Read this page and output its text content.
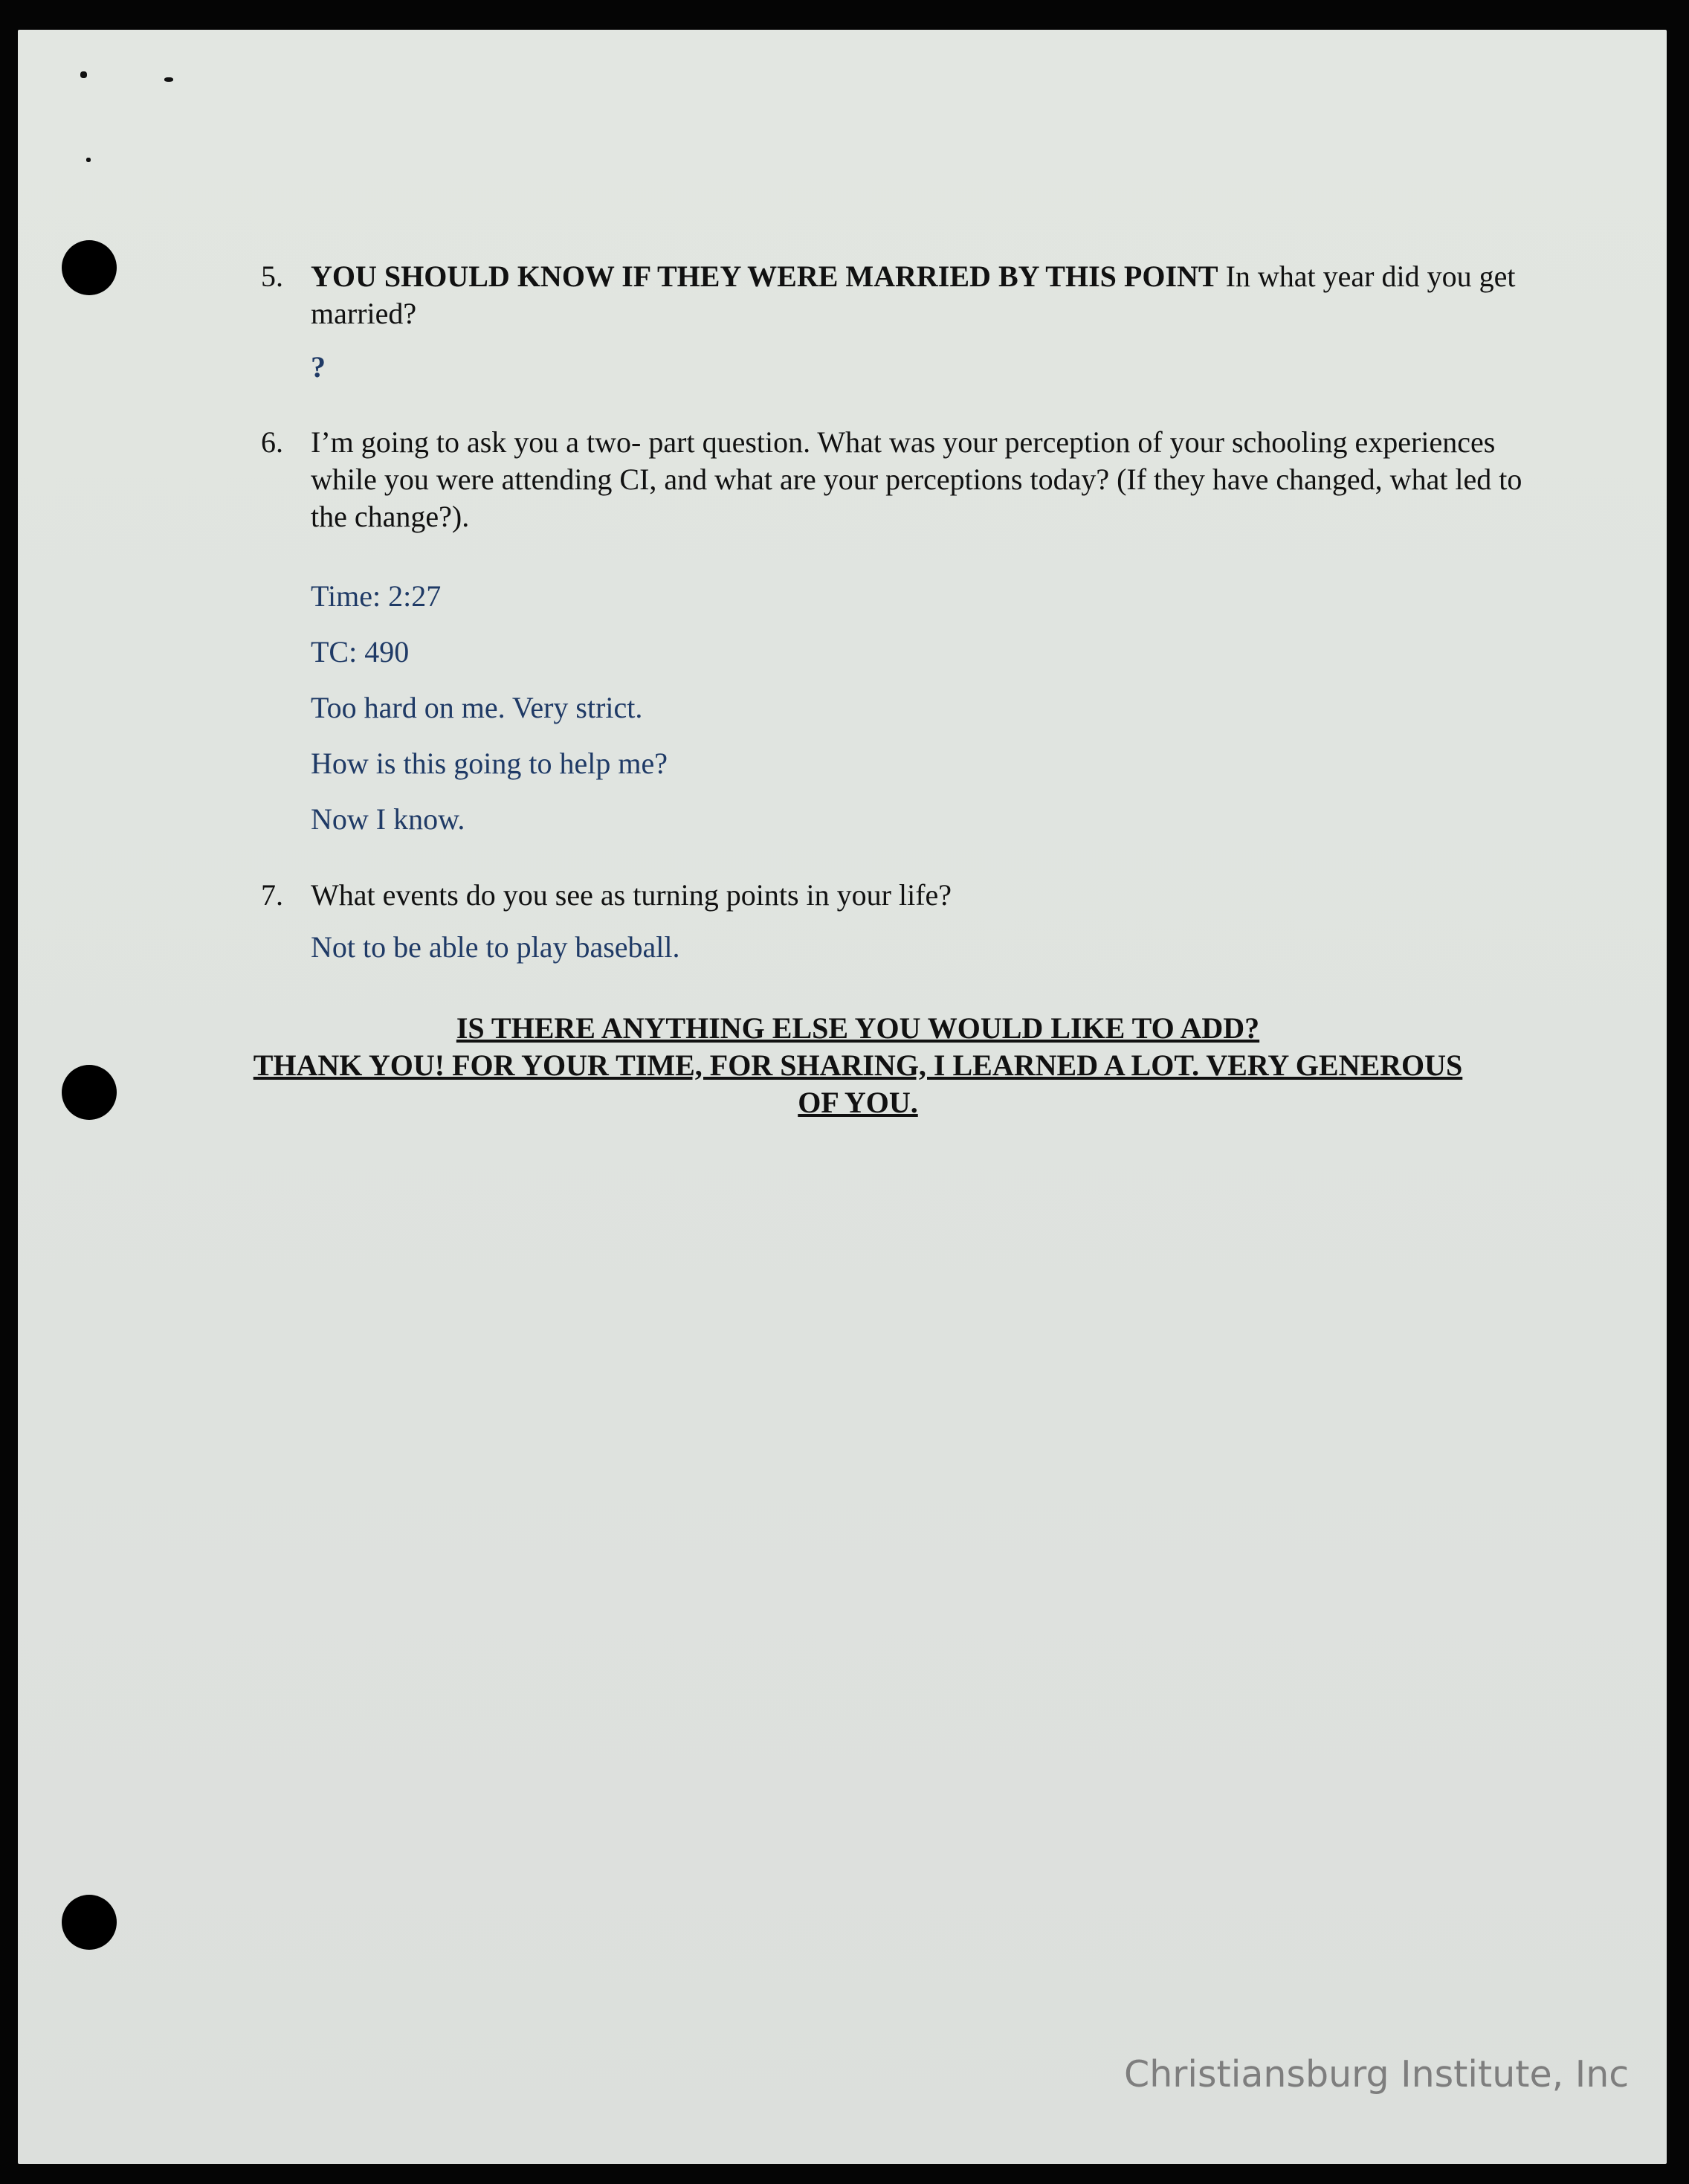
5. YOU SHOULD KNOW IF THEY WERE MARRIED BY THIS POINT In what year did you get married?
?
6. I’m going to ask you a two- part question. What was your perception of your schooling experiences while you were attending CI, and what are your perceptions today? (If they have changed, what led to the change?).
Time: 2:27
TC: 490
Too hard on me. Very strict.
How is this going to help me?
Now I know.
7. What events do you see as turning points in your life?
Not to be able to play baseball.
IS THERE ANYTHING ELSE YOU WOULD LIKE TO ADD?
THANK YOU! FOR YOUR TIME, FOR SHARING, I LEARNED A LOT. VERY GENEROUS OF YOU.
Christiansburg Institute, Inc
